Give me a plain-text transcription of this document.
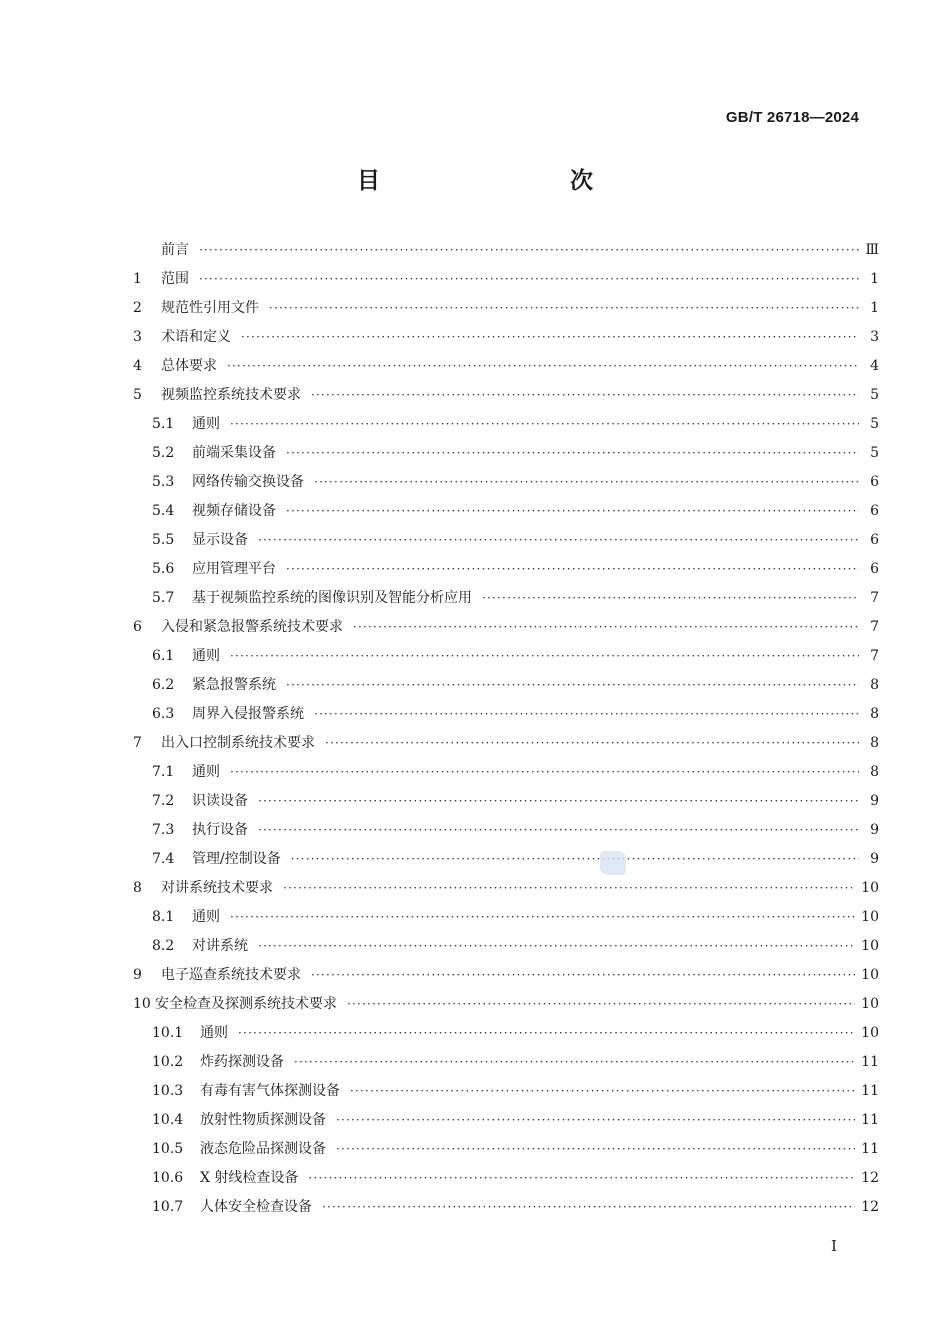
GB/T 26718—2024
目　　次
前言 ·····	Ⅲ
1	范围 ·····	1
2	规范性引用文件 ·····	1
3	术语和定义 ·····	3
4	总体要求 ·····	4
5	视频监控系统技术要求 ·····	5
5.1	通则 ·····	5
5.2	前端采集设备 ·····	5
5.3	网络传输交换设备 ·····	6
5.4	视频存储设备 ·····	6
5.5	显示设备 ·····	6
5.6	应用管理平台 ·····	6
5.7	基于视频监控系统的图像识别及智能分析应用 ·····	7
6	入侵和紧急报警系统技术要求 ·····	7
6.1	通则 ·····	7
6.2	紧急报警系统 ·····	8
6.3	周界入侵报警系统 ·····	8
7	出入口控制系统技术要求 ·····	8
7.1	通则 ·····	8
7.2	识读设备 ·····	9
7.3	执行设备 ·····	9
7.4	管理/控制设备 ·····	9
8	对讲系统技术要求 ·····	10
8.1	通则 ·····	10
8.2	对讲系统 ·····	10
9	电子巡查系统技术要求 ·····	10
10 安全检查及探测系统技术要求 ·····	10
10.1	通则 ·····	10
10.2	炸药探测设备 ·····	11
10.3	有毒有害气体探测设备 ·····	11
10.4	放射性物质探测设备 ·····	11
10.5	液态危险品探测设备 ·····	11
10.6	X 射线检查设备 ·····	12
10.7	人体安全检查设备 ·····	12
I
